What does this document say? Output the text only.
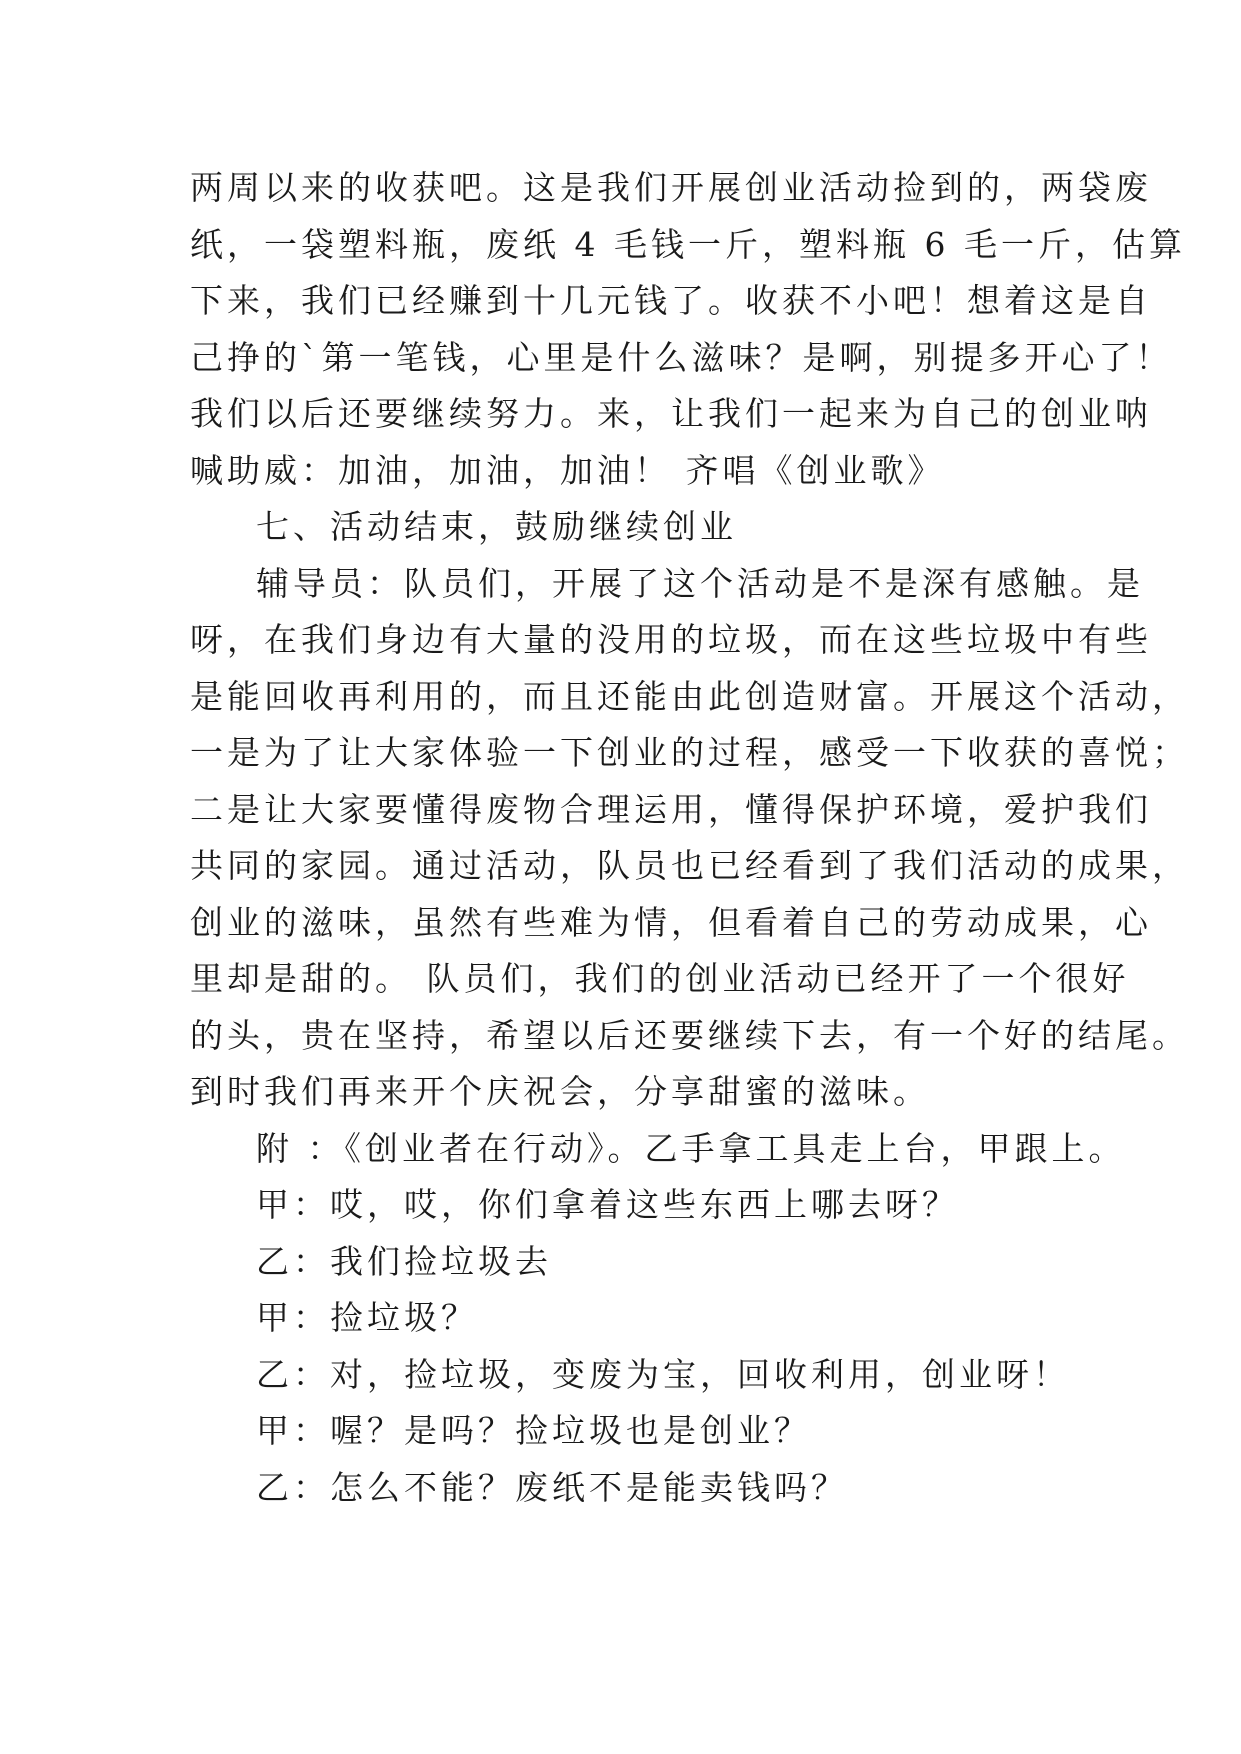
两周以来的收获吧。这是我们开展创业活动捡到的，两袋废
纸，一袋塑料瓶，废纸 4 毛钱一斤，塑料瓶 6 毛一斤，估算
下来，我们已经赚到十几元钱了。收获不小吧！想着这是自
己挣的`第一笔钱，心里是什么滋味？是啊，别提多开心了！
我们以后还要继续努力。来，让我们一起来为自己的创业呐
喊助威：加油，加油，加油！ 齐唱《创业歌》
七、活动结束，鼓励继续创业
辅导员：队员们，开展了这个活动是不是深有感触。是
呀，在我们身边有大量的没用的垃圾，而在这些垃圾中有些
是能回收再利用的，而且还能由此创造财富。开展这个活动，
一是为了让大家体验一下创业的过程，感受一下收获的喜悦；
二是让大家要懂得废物合理运用，懂得保护环境，爱护我们
共同的家园。通过活动，队员也已经看到了我们活动的成果，
创业的滋味，虽然有些难为情，但看着自己的劳动成果，心
里却是甜的。 队员们，我们的创业活动已经开了一个很好
的头，贵在坚持，希望以后还要继续下去，有一个好的结尾。
到时我们再来开个庆祝会，分享甜蜜的滋味。
附 ：《创业者在行动》。乙手拿工具走上台，甲跟上。
甲：哎，哎，你们拿着这些东西上哪去呀？
乙：我们捡垃圾去
甲：捡垃圾？
乙：对，捡垃圾，变废为宝，回收利用，创业呀！
甲：喔？是吗？捡垃圾也是创业？
乙：怎么不能？废纸不是能卖钱吗？
